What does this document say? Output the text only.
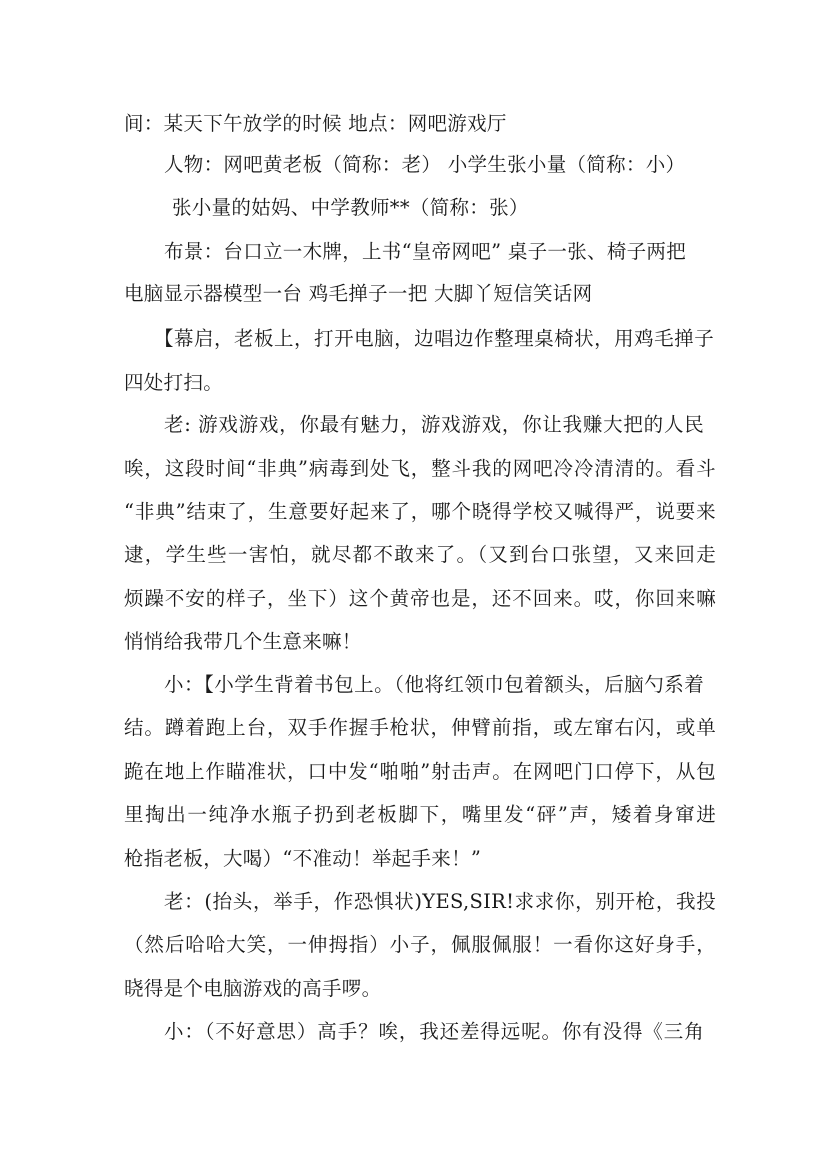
间：某天下午放学的时候 地点：网吧游戏厅
人物：网吧黄老板（简称：老） 小学生张小量（简称：小）
张小量的姑妈、中学教师**（简称：张）
布景：台口立一木牌，上书“皇帝网吧” 桌子一张、椅子两把
电脑显示器模型一台 鸡毛掸子一把 大脚丫短信笑话网
【幕启，老板上，打开电脑，边唱边作整理桌椅状，用鸡毛掸子
四处打扫。
老: 游戏游戏，你最有魅力，游戏游戏，你让我赚大把的人民
唉，这段时间“非典”病毒到处飞，整斗我的网吧冷冷清清的。看斗
“非典”结束了，生意要好起来了，哪个晓得学校又喊得严，说要来
逮，学生些一害怕，就尽都不敢来了。（又到台口张望，又来回走
烦躁不安的样子，坐下）这个黄帝也是，还不回来。哎，你回来嘛
悄悄给我带几个生意来嘛！
小：【小学生背着书包上。（他将红领巾包着额头，后脑勺系着
结。蹲着跑上台，双手作握手枪状，伸臂前指，或左窜右闪，或单
跪在地上作瞄准状，口中发“啪啪”射击声。在网吧门口停下，从包
里掏出一纯净水瓶子扔到老板脚下，嘴里发“砰”声，矮着身窜进
枪指老板，大喝）“不准动！举起手来！”
老：(抬头，举手，作恐惧状)YES,SIR!求求你，别开枪，我投
（然后哈哈大笑，一伸拇指）小子，佩服佩服！一看你这好身手，
晓得是个电脑游戏的高手啰。
小：（不好意思）高手？唉，我还差得远呢。你有没得《三角
